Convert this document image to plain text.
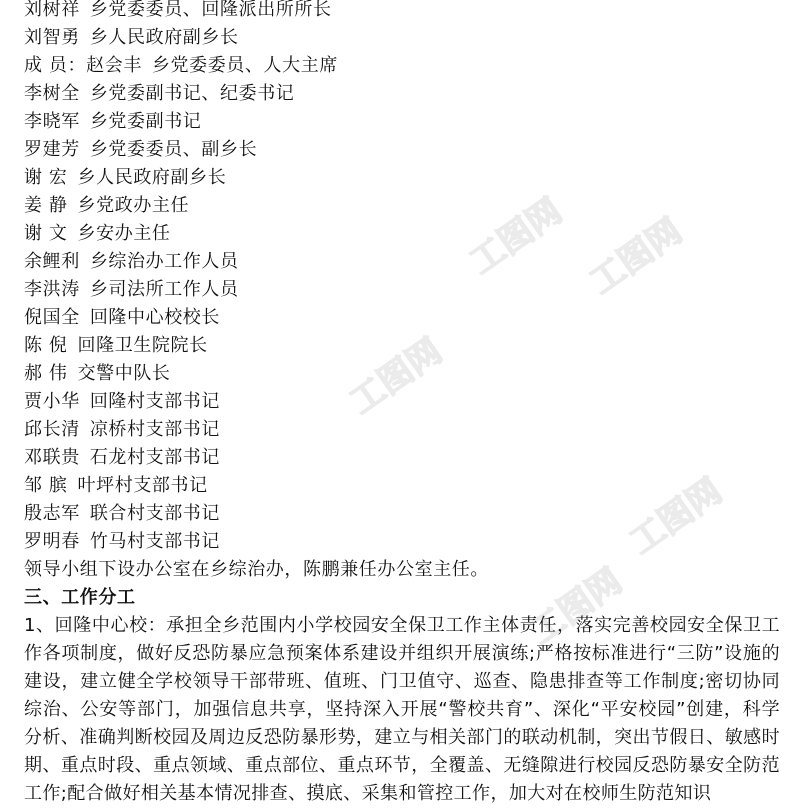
刘树祥 乡党委委员、回隆派出所所长
刘智勇 乡人民政府副乡长
成 员：赵会丰 乡党委委员、人大主席
李树全 乡党委副书记、纪委书记
李晓军 乡党委副书记
罗建芳 乡党委委员、副乡长
谢 宏 乡人民政府副乡长
姜 静 乡党政办主任
谢 文 乡安办主任
余鲤利 乡综治办工作人员
李洪涛 乡司法所工作人员
倪国全 回隆中心校校长
陈 倪 回隆卫生院院长
郝 伟 交警中队长
贾小华 回隆村支部书记
邱长清 凉桥村支部书记
邓联贵 石龙村支部书记
邹 膑 叶坪村支部书记
殷志军 联合村支部书记
罗明春 竹马村支部书记
领导小组下设办公室在乡综治办，陈鹏兼任办公室主任。
三、工作分工
1、回隆中心校：承担全乡范围内小学校园安全保卫工作主体责任，落实完善校园安全保卫工作各项制度，做好反恐防暴应急预案体系建设并组织开展演练;严格按标准进行“三防”设施的建设，建立健全学校领导干部带班、值班、门卫值守、巡查、隐患排查等工作制度;密切协同综治、公安等部门，加强信息共享，坚持深入开展“警校共育”、深化“平安校园”创建，科学分析、准确判断校园及周边反恐防暴形势，建立与相关部门的联动机制，突出节假日、敏感时期、重点时段、重点领域、重点部位、重点环节，全覆盖、无缝隙进行校园反恐防暴安全防范工作;配合做好相关基本情况排查、摸底、采集和管控工作，加大对在校师生防范知识
工图网
工图网
工图网
工图网
工图网
